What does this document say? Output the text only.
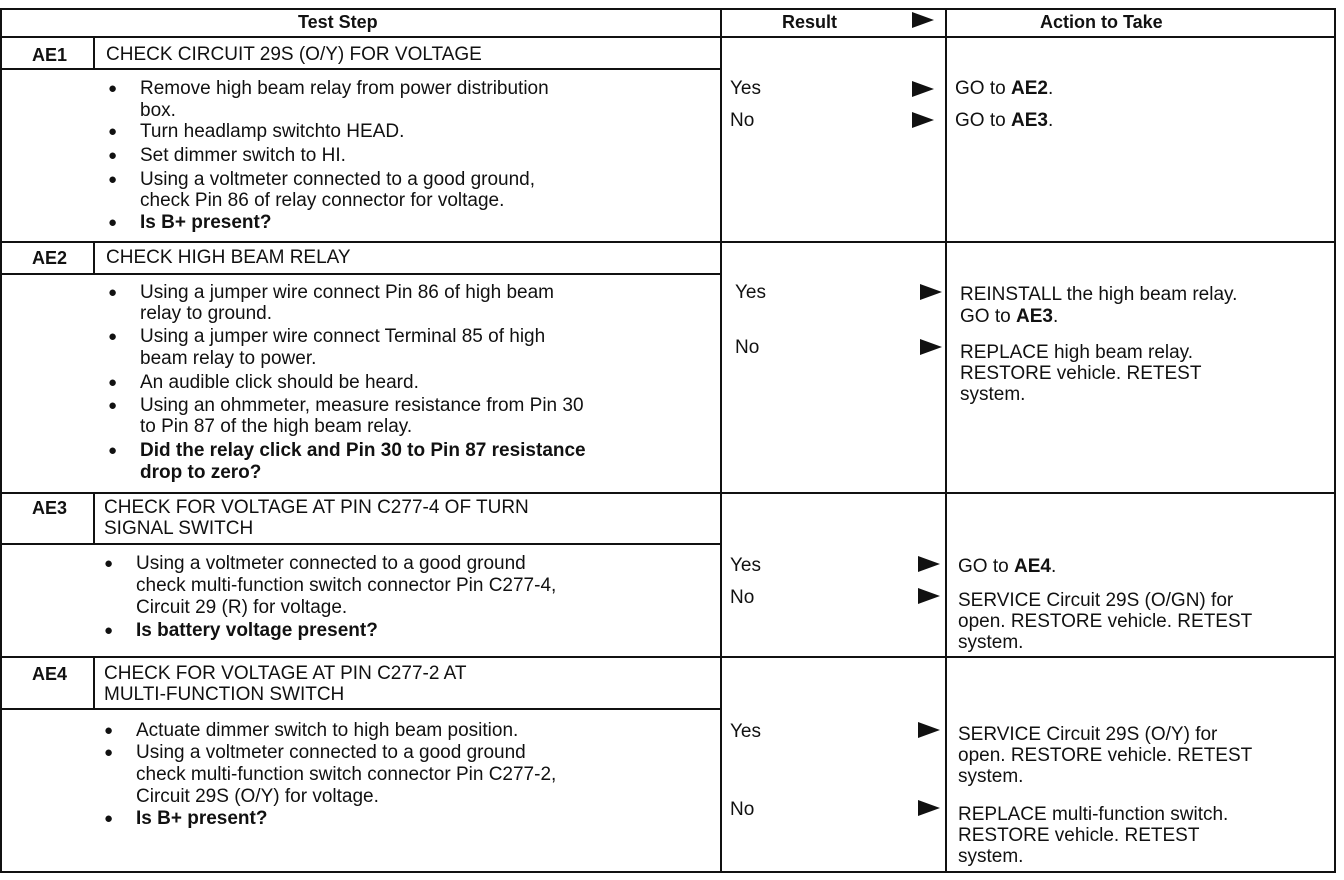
Test Step	Result	Action to Take
AE1 CHECK CIRCUIT 29S (O/Y) FOR VOLTAGE
● Remove high beam relay from power distribution
box.
● Turn headlamp switchto HEAD.
● Set dimmer switch to HI.
● Using a voltmeter connected to a good ground,
check Pin 86 of relay connector for voltage.
● Is B+ present?
Yes	GO to AE2.
No	GO to AE3.
AE2 CHECK HIGH BEAM RELAY
● Using a jumper wire connect Pin 86 of high beam
relay to ground.
● Using a jumper wire connect Terminal 85 of high
beam relay to power.
● An audible click should be heard.
● Using an ohmmeter, measure resistance from Pin 30
to Pin 87 of the high beam relay.
● Did the relay click and Pin 30 to Pin 87 resistance
drop to zero?
Yes	REINSTALL the high beam relay.
GO to AE3.
No	REPLACE high beam relay.
RESTORE vehicle. RETEST
system.
AE3 CHECK FOR VOLTAGE AT PIN C277-4 OF TURN
SIGNAL SWITCH
● Using a voltmeter connected to a good ground
check multi-function switch connector Pin C277-4,
Circuit 29 (R) for voltage.
● Is battery voltage present?
Yes	GO to AE4.
No	SERVICE Circuit 29S (O/GN) for
open. RESTORE vehicle. RETEST
system.
AE4 CHECK FOR VOLTAGE AT PIN C277-2 AT
MULTI-FUNCTION SWITCH
● Actuate dimmer switch to high beam position.
● Using a voltmeter connected to a good ground
check multi-function switch connector Pin C277-2,
Circuit 29S (O/Y) for voltage.
● Is B+ present?
Yes	SERVICE Circuit 29S (O/Y) for
open. RESTORE vehicle. RETEST
system.
No	REPLACE multi-function switch.
RESTORE vehicle. RETEST
system.
